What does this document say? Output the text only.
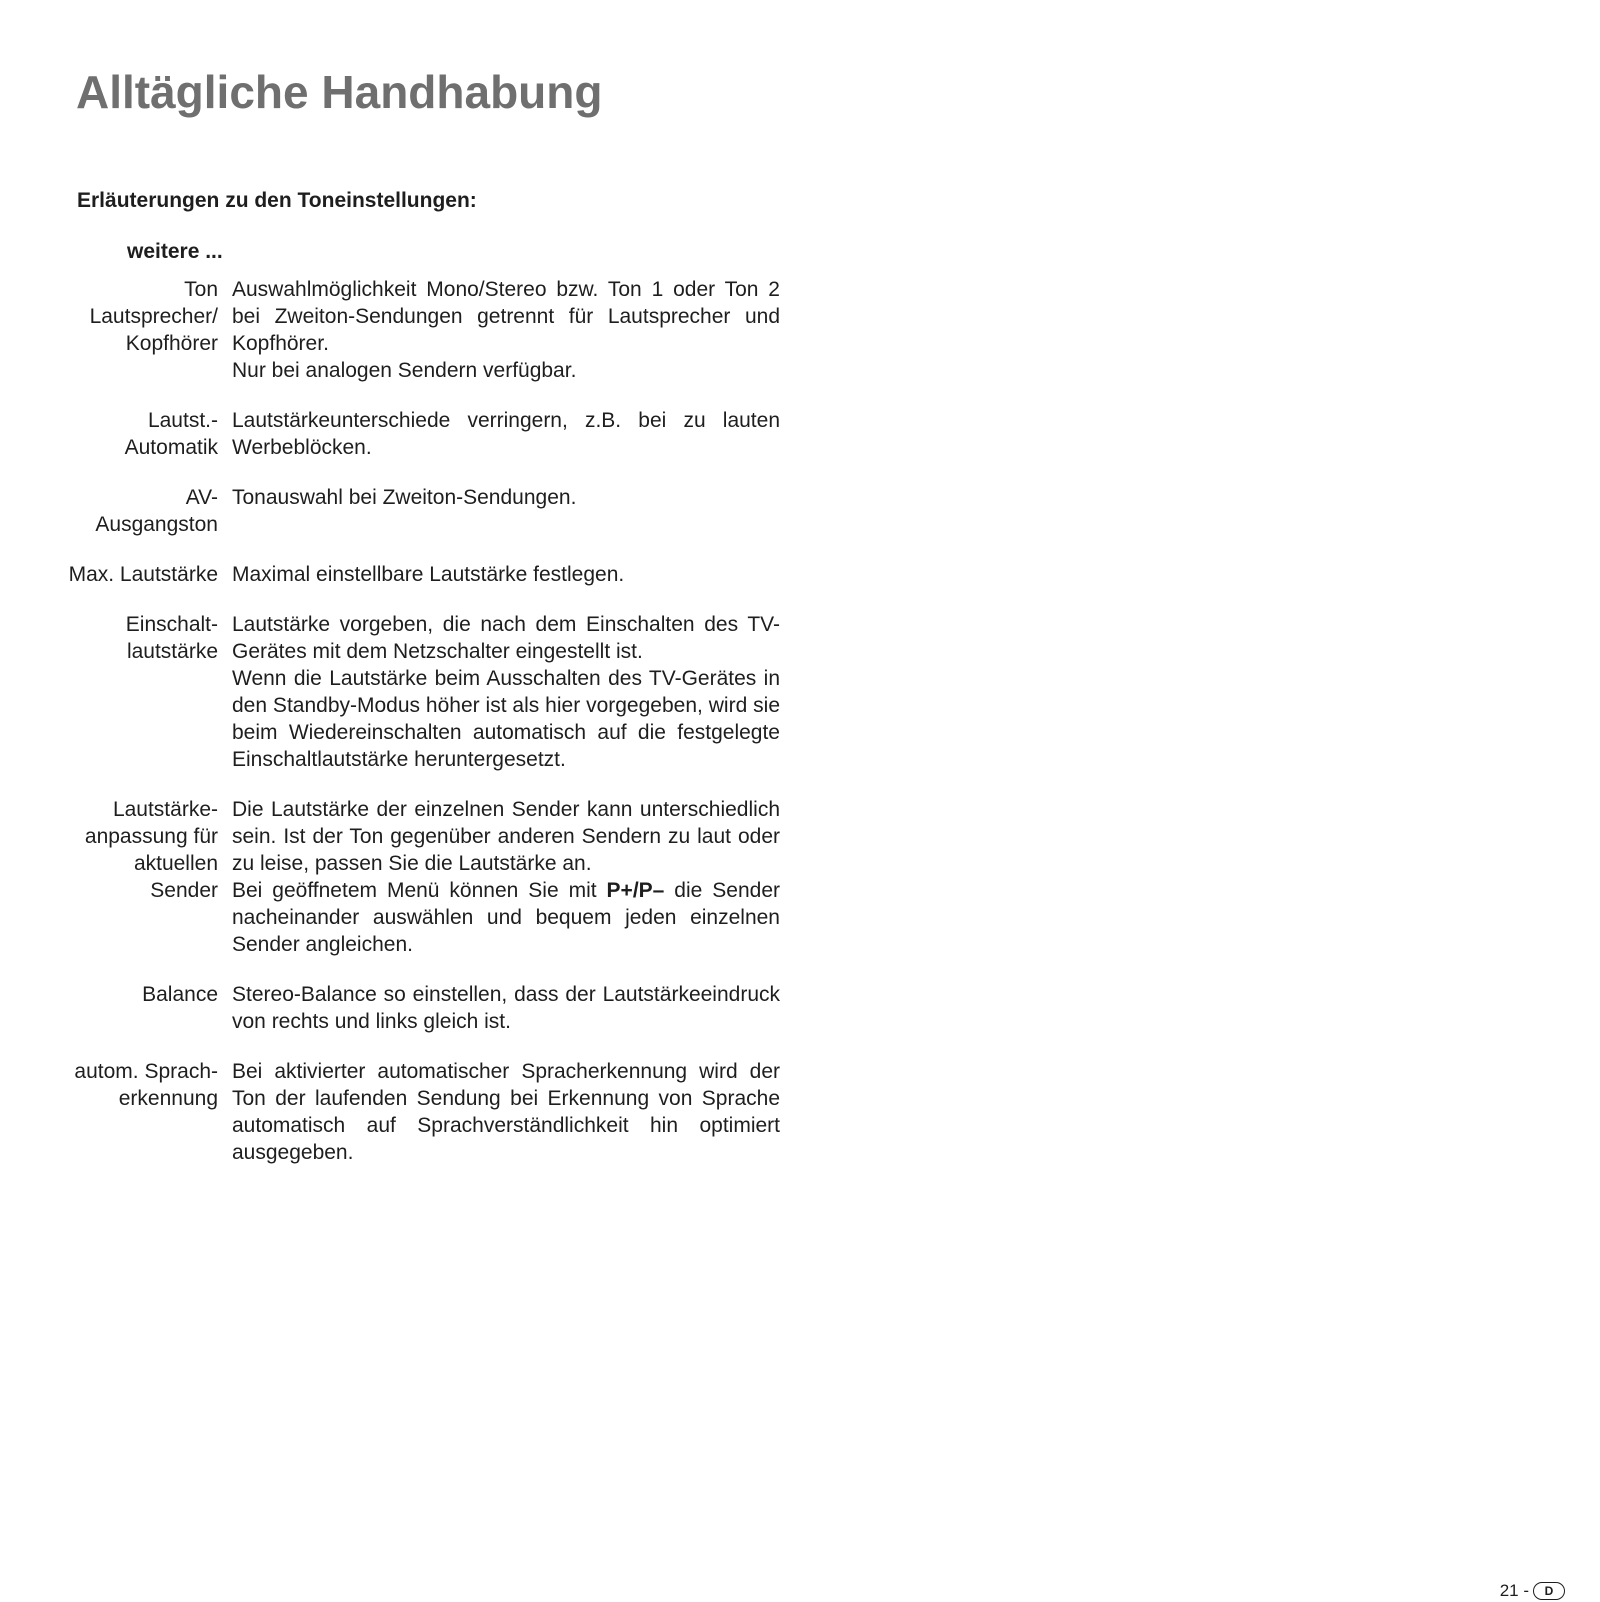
Alltägliche Handhabung
Erläuterungen zu den Toneinstellungen:
weitere ...
Ton
Lautsprecher/
Kopfhörer

Auswahlmöglichkeit Mono/Stereo bzw. Ton 1 oder Ton 2 bei Zweiton-Sendungen getrennt für Lautsprecher und Kopfhörer.

Nur bei analogen Sendern verfügbar.

Lautst.-
Automatik

Lautstärkeunterschiede verringern, z.B. bei zu lauten Werbeblöcken.

AV-
Ausgangston

Tonauswahl bei Zweiton-Sendungen.

Max. Lautstärke Maximal einstellbare Lautstärke festlegen.

Einschalt-
lautstärke

Lautstärke vorgeben, die nach dem Einschalten des TV-Gerätes mit dem Netzschalter eingestellt ist.

Wenn die Lautstärke beim Ausschalten des TV-Gerätes in den Standby-Modus höher ist als hier vorgegeben, wird sie beim Wiedereinschalten automatisch auf die festgelegte Einschaltlautstärke heruntergesetzt.

Lautstärke-
anpassung für
aktuellen
Sender

Die Lautstärke der einzelnen Sender kann unterschiedlich sein. Ist der Ton gegenüber anderen Sendern zu laut oder zu leise, passen Sie die Lautstärke an.

Bei geöffnetem Menü können Sie mit P+/P– die Sender nacheinander auswählen und bequem jeden einzelnen Sender angleichen.

Balance Stereo-Balance so einstellen, dass der Lautstärkeeindruck von rechts und links gleich ist.

autom. Sprach-
erkennung

Bei aktivierter automatischer Spracherkennung wird der Ton der laufenden Sendung bei Erkennung von Sprache automatisch auf Sprachverständlichkeit hin optimiert ausgegeben.

21 -	D
